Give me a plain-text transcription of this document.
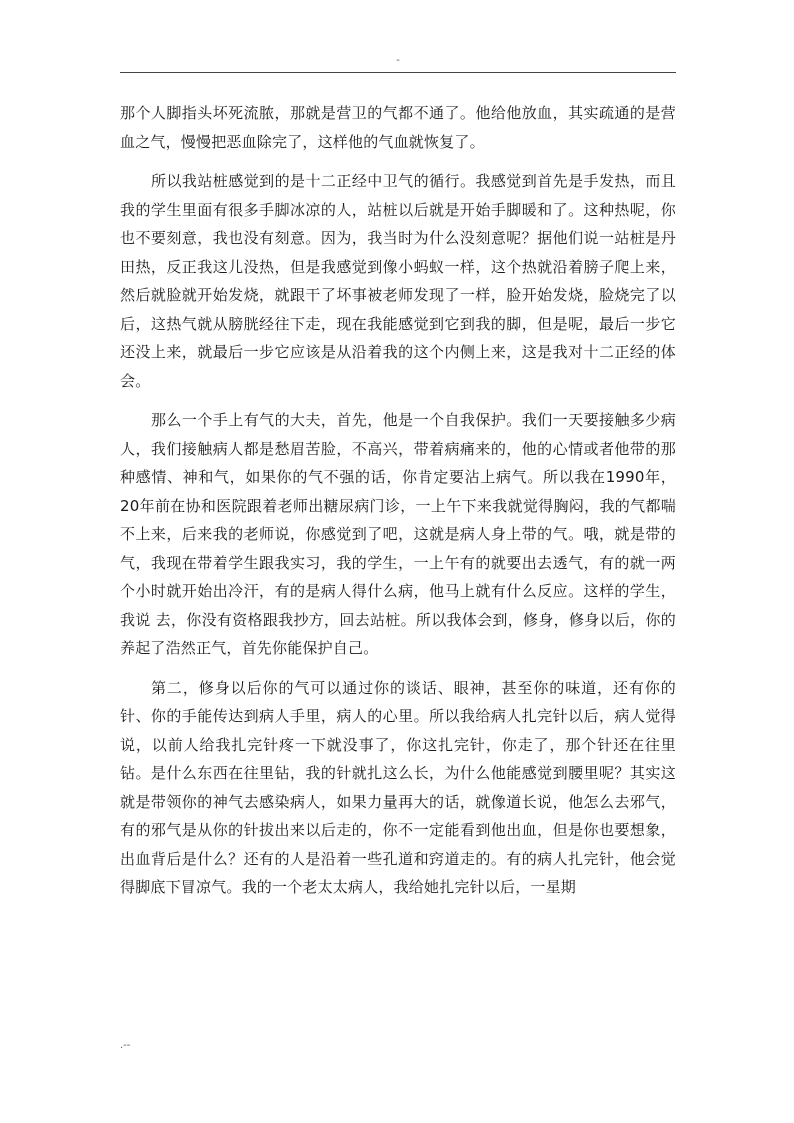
-

那个人脚指头坏死流脓，那就是营卫的气都不通了。他给他放血，其实疏通的是营血之气，慢慢把恶血除完了，这样他的气血就恢复了。

所以我站桩感觉到的是十二正经中卫气的循行。我感觉到首先是手发热，而且我的学生里面有很多手脚冰凉的人，站桩以后就是开始手脚暖和了。这种热呢，你也不要刻意，我也没有刻意。因为，我当时为什么没刻意呢？据他们说一站桩是丹田热，反正我这儿没热，但是我感觉到像小蚂蚁一样，这个热就沿着膀子爬上来，然后就脸就开始发烧，就跟干了坏事被老师发现了一样，脸开始发烧，脸烧完了以后，这热气就从膀胱经往下走，现在我能感觉到它到我的脚，但是呢，最后一步它还没上来，就最后一步它应该是从沿着我的这个内侧上来，这是我对十二正经的体会。

那么一个手上有气的大夫，首先，他是一个自我保护。我们一天要接触多少病人，我们接触病人都是愁眉苦脸，不高兴，带着病痛来的，他的心情或者他带的那种感情、神和气，如果你的气不强的话，你肯定要沾上病气。所以我在1990年，20年前在协和医院跟着老师出糖尿病门诊，一上午下来我就觉得胸闷，我的气都喘不上来，后来我的老师说，你感觉到了吧，这就是病人身上带的气。哦，就是带的气，我现在带着学生跟我实习，我的学生，一上午有的就要出去透气，有的就一两个小时就开始出冷汗，有的是病人得什么病，他马上就有什么反应。这样的学生，我说 去，你没有资格跟我抄方，回去站桩。所以我体会到，修身，修身以后，你的养起了浩然正气，首先你能保护自己。

第二，修身以后你的气可以通过你的谈话、眼神，甚至你的味道，还有你的针、你的手能传达到病人手里，病人的心里。所以我给病人扎完针以后，病人觉得说，以前人给我扎完针疼一下就没事了，你这扎完针，你走了，那个针还在往里钻。是什么东西在往里钻，我的针就扎这么长，为什么他能感觉到腰里呢？其实这就是带领你的神气去感染病人，如果力量再大的话，就像道长说，他怎么去邪气，有的邪气是从你的针拔出来以后走的，你不一定能看到他出血，但是你也要想象，出血背后是什么？还有的人是沿着一些孔道和窍道走的。有的病人扎完针，他会觉得脚底下冒凉气。我的一个老太太病人，我给她扎完针以后，一星期

.--
